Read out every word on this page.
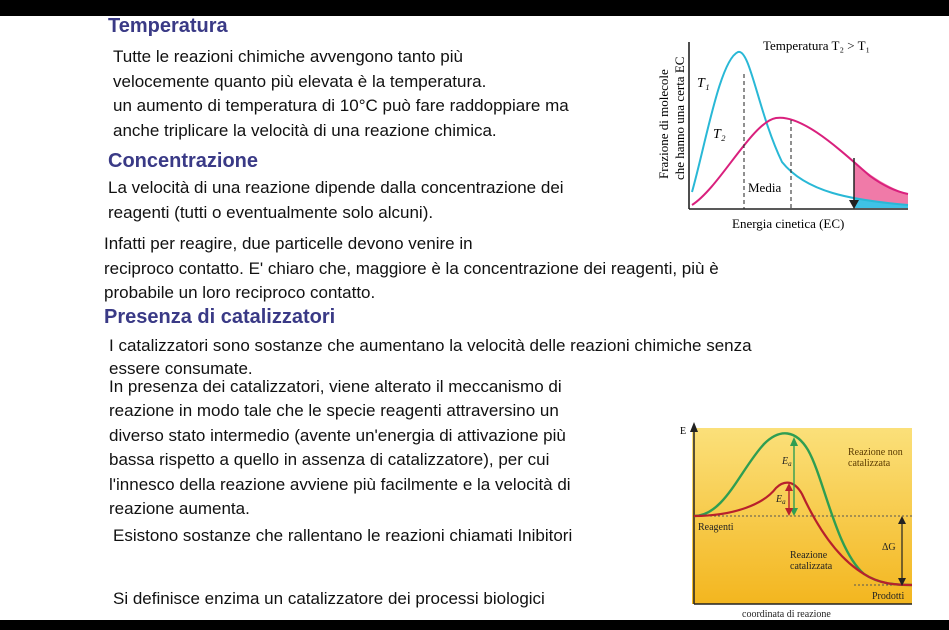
Temperatura

Tutte le reazioni chimiche avvengono tanto più
velocemente quanto più elevata è la temperatura.
un aumento di temperatura di 10°C può fare raddoppiare ma
anche triplicare la velocità di una reazione chimica.

Concentrazione

La velocità di una reazione dipende dalla concentrazione dei
reagenti (tutti o eventualmente solo alcuni).

Infatti per reagire, due particelle devono venire in
reciproco contatto. E' chiaro che, maggiore è la concentrazione dei reagenti, più è
probabile un loro reciproco contatto.

Presenza di catalizzatori

I catalizzatori sono sostanze che aumentano la velocità delle reazioni chimiche senza
essere consumate.

In presenza dei catalizzatori, viene alterato il meccanismo di
reazione in modo tale che le specie reagenti attraversino un
diverso stato intermedio (avente un'energia di attivazione più
bassa rispetto a quello in assenza di catalizzatore), per cui
l'innesco della reazione avviene più facilmente e la velocità di
reazione aumenta.

Esistono sostanze che rallentano le reazioni chiamati Inibitori

Si definisce enzima un catalizzatore dei processi biologici

Temperatura T₂ > T₁
Frazione di molecole che hanno una certa EC T₁
T₂
Media
Energia cinetica (EC)
E
$E_a$
$E_a$
Reazione non
catalizzata
Reagenti
ΔG
Reazione
catalizzata
Prodotti
coordinata di reazione
